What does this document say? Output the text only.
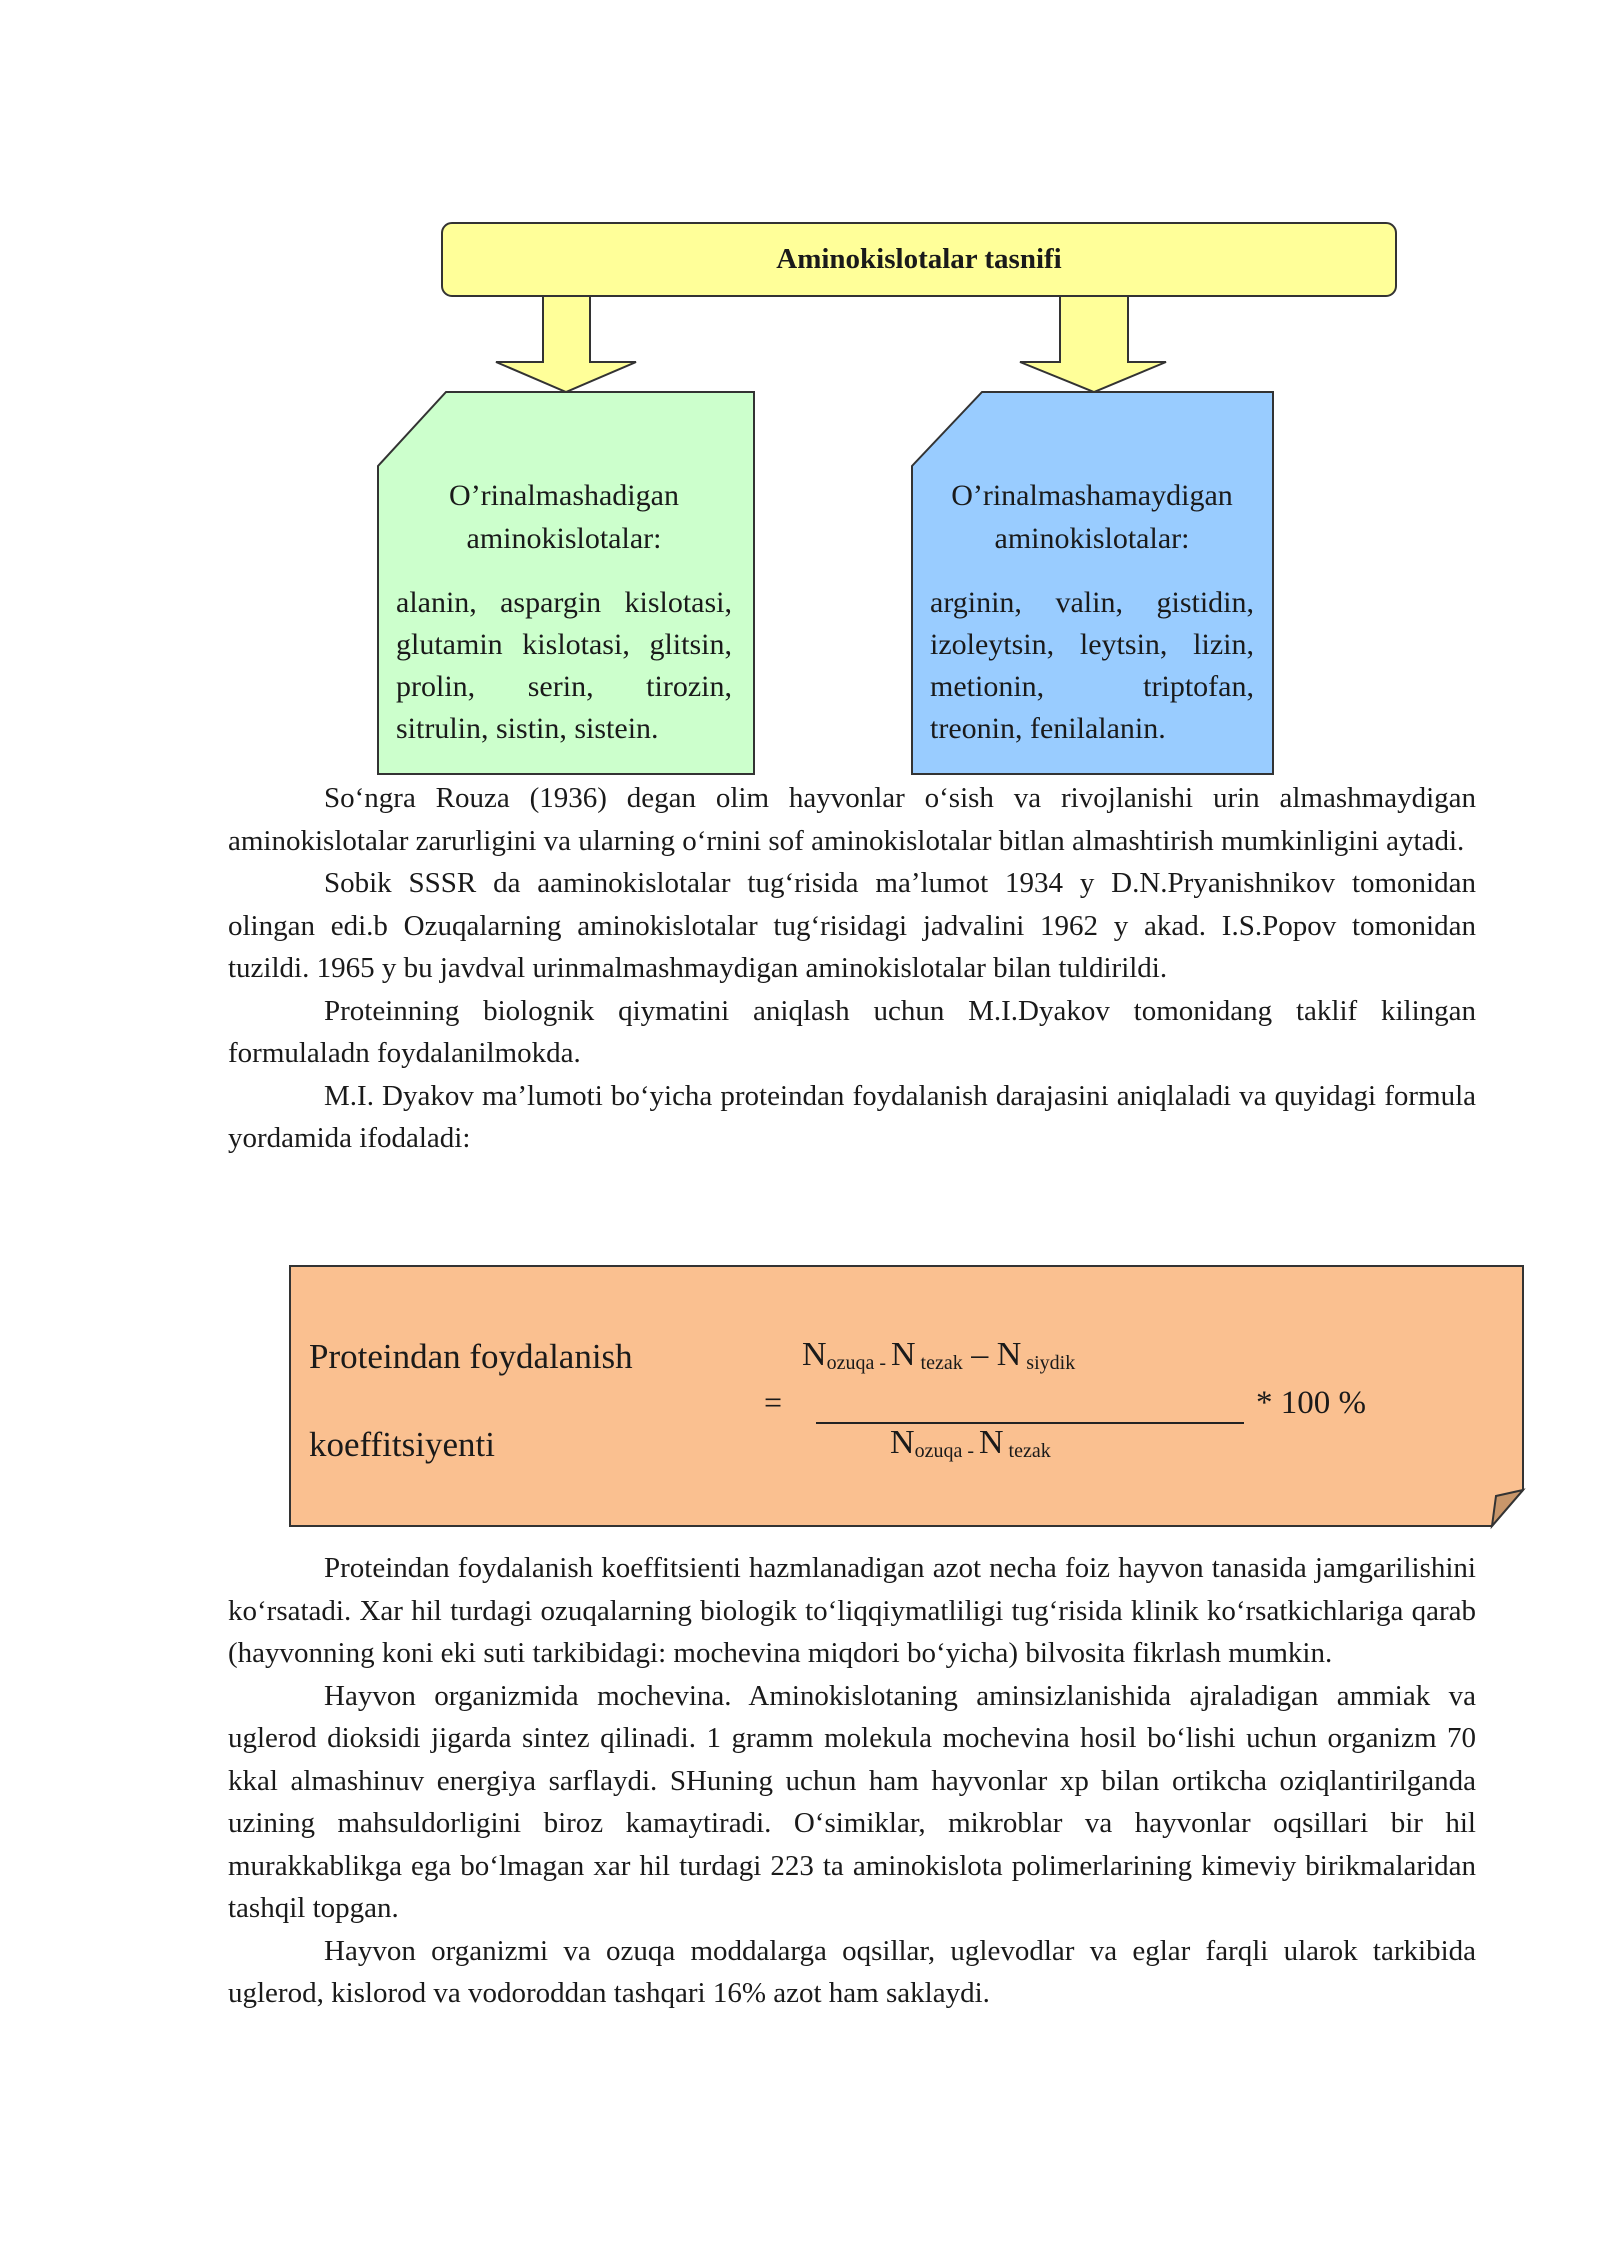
Aminokislotalar tasnifi
O’rinalmashadigan
aminokislotalar:
alanin, aspargin kislotasi, glutamin kislotasi, glitsin, prolin, serin, tirozin, sitrulin, sistin, sistein.
O’rinalmashamaydigan
aminokislotalar:
arginin, valin, gistidin, izoleytsin, leytsin, lizin, metionin, triptofan, treonin, fenilalanin.

So‘ngra Rouza (1936) degan olim hayvonlar o‘sish va rivojlanishi urin almashmaydigan aminokislotalar zarurligini va ularning o‘rnini sof aminokislotalar bitlan almashtirish mumkinligini aytadi.

Sobik SSSR da aaminokislotalar tug‘risida ma’lumot 1934 y D.N.Pryanishnikov tomonidan olingan edi.b Ozuqalarning aminokislotalar tug‘risidagi jadvalini 1962 y akad. I.S.Popov tomonidan tuzildi. 1965 y bu javdval urinmalmashmaydigan aminokislotalar bilan tuldirildi.

Proteinning biolognik qiymatini aniqlash uchun M.I.Dyakov tomonidang taklif kilingan formulaladn foydalanilmokda.

M.I. Dyakov ma’lumoti bo‘yicha proteindan foydalanish darajasini aniqlaladi va quyidagi formula yordamida ifodaladi:

Proteindan foydalanish
koeffitsiyenti
=
$N_{ozuqa -}$ N $_{tezak}$ – N $_{siydik}$
$N_{ozuqa -}$ N $_{tezak}$
* 100 %

Proteindan foydalanish koeffitsienti hazmlanadigan azot necha foiz hayvon tanasida jamgarilishini ko‘rsatadi. Xar hil turdagi ozuqalarning biologik to‘liqqiymatliligi tug‘risida klinik ko‘rsatkichlariga qarab (hayvonning koni eki suti tarkibidagi: mochevina miqdori bo‘yicha) bilvosita fikrlash mumkin.

Hayvon organizmida mochevina. Aminokislotaning aminsizlanishida ajraladigan ammiak va uglerod dioksidi jigarda sintez qilinadi. 1 gramm molekula mochevina hosil bo‘lishi uchun organizm 70 kkal almashinuv energiya sarflaydi. SHuning uchun ham hayvonlar xp bilan ortikcha oziqlantirilganda uzining mahsuldorligini biroz kamaytiradi. O‘simiklar, mikroblar va hayvonlar oqsillari bir hil murakkablikga ega bo‘lmagan xar hil turdagi 223 ta aminokislota polimerlarining kimeviy birikmalaridan tashqil topgan.

Hayvon organizmi va ozuqa moddalarga oqsillar, uglevodlar va eglar farqli ularok tarkibida uglerod, kislorod va vodoroddan tashqari 16% azot ham saklaydi.
